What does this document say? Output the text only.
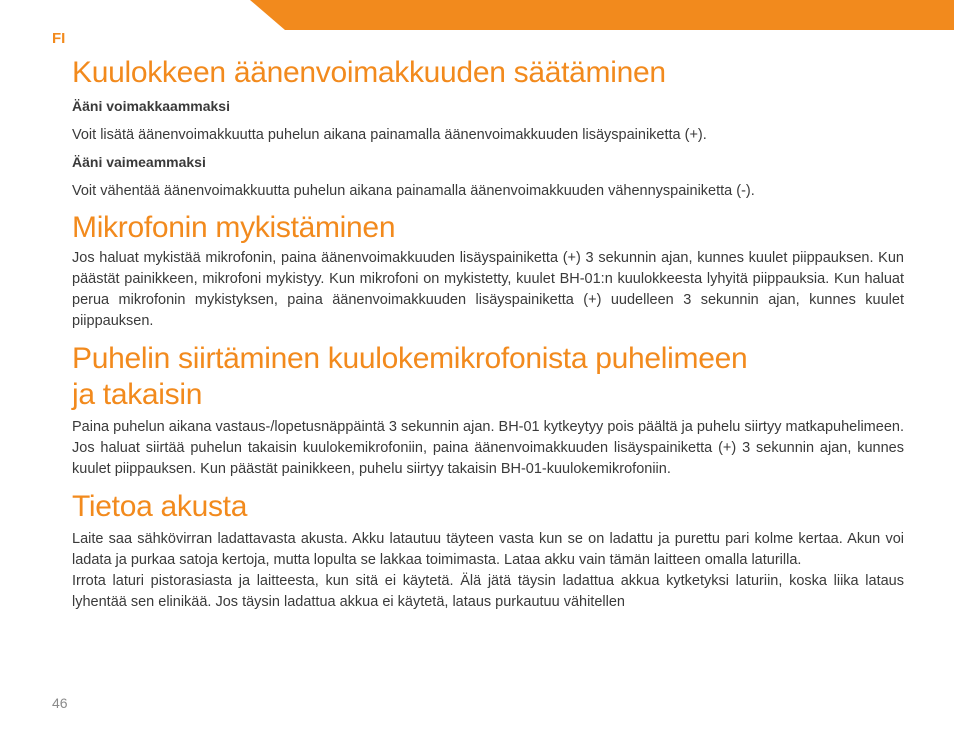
FI
Kuulokkeen äänenvoimakkuuden säätäminen
Ääni voimakkaammaksi

Voit lisätä äänenvoimakkuutta puhelun aikana painamalla äänenvoimakkuuden lisäyspainiketta (+).

Ääni vaimeammaksi

Voit vähentää äänenvoimakkuutta puhelun aikana painamalla äänenvoimakkuuden vähennyspainiketta (-).

Mikrofonin mykistäminen

Jos haluat mykistää mikrofonin, paina äänenvoimakkuuden lisäyspainiketta (+) 3 sekunnin ajan, kunnes kuulet piippauksen. Kun päästät painikkeen, mikrofoni mykistyy. Kun mikrofoni on mykistetty, kuulet BH-01:n kuulokkeesta lyhyitä piippauksia. Kun haluat perua mikrofonin mykistyksen, paina äänenvoimakkuuden lisäyspainiketta (+) uudelleen 3 sekunnin ajan, kunnes kuulet piippauksen.

Puhelin siirtäminen kuulokemikrofonista puhelimeen
ja takaisin

Paina puhelun aikana vastaus-/lopetusnäppäintä 3 sekunnin ajan. BH-01 kytkeytyy pois päältä ja puhelu siirtyy matkapuhelimeen. Jos haluat siirtää puhelun takaisin kuulokemikrofoniin, paina äänenvoimakkuuden lisäyspainiketta (+) 3 sekunnin ajan, kunnes kuulet piippauksen. Kun päästät painikkeen, puhelu siirtyy takaisin BH-01-kuulokemikrofoniin.

Tietoa akusta

Laite saa sähkövirran ladattavasta akusta. Akku latautuu täyteen vasta kun se on ladattu ja purettu pari kolme kertaa. Akun voi ladata ja purkaa satoja kertoja, mutta lopulta se lakkaa toimimasta. Lataa akku vain tämän laitteen omalla laturilla.

Irrota laturi pistorasiasta ja laitteesta, kun sitä ei käytetä. Älä jätä täysin ladattua akkua kytketyksi laturiin, koska liika lataus lyhentää sen elinikää. Jos täysin ladattua akkua ei käytetä, lataus purkautuu vähitellen

46
